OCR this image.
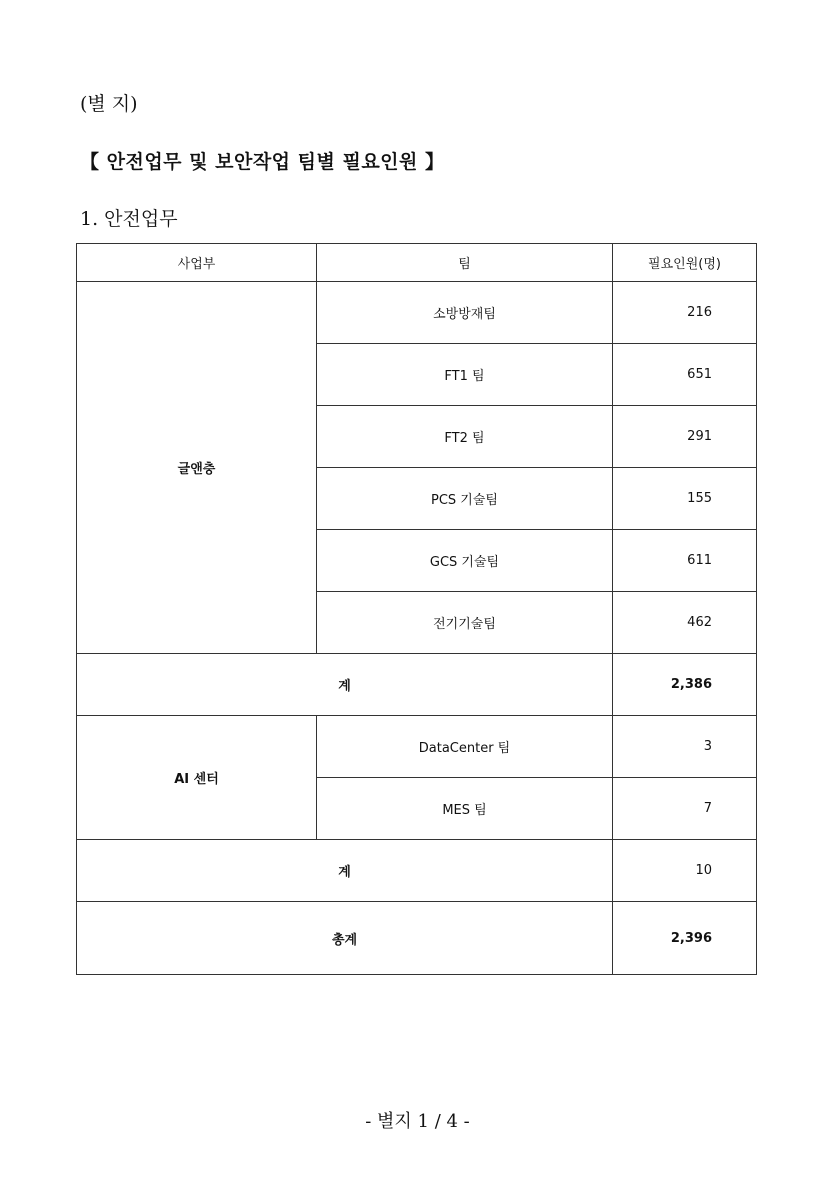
(별 지)
【 안전업무 및 보안작업 팀별 필요인원 】
1. 안전업무
사업부	팀	필요인원(명)
글앤충	소방방재팀	216
	FT1 팀	651
	FT2 팀	291
	PCS 기술팀	155
	GCS 기술팀	611
	전기기술팀	462
계		2,386
AI 센터	DataCenter 팀	3
	MES 팀	7
계		10
총계		2,396
- 별지 1 / 4 -
